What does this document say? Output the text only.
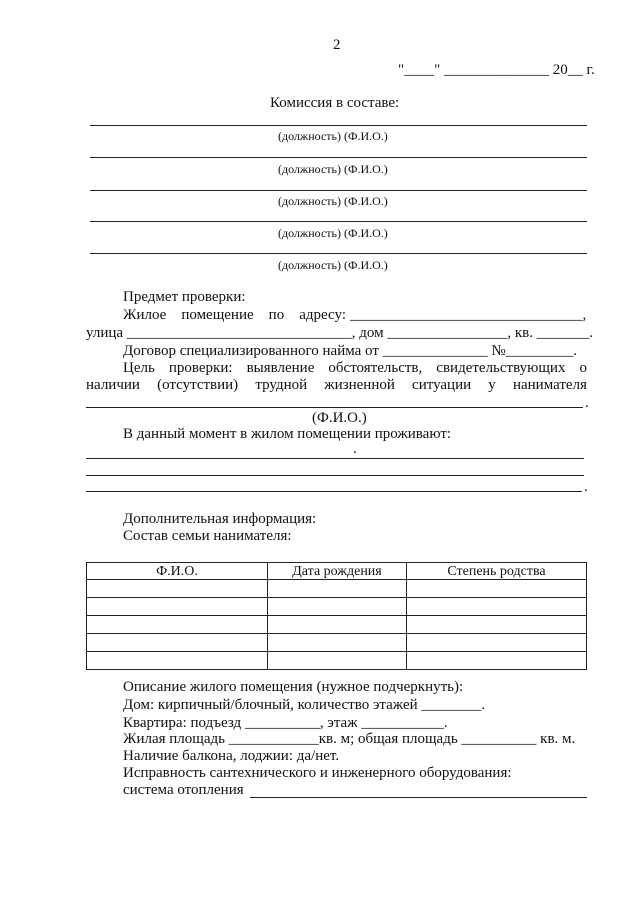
2
"____" ______________ 20__ г.
Комиссия в составе:
(должность) (Ф.И.О.)
(должность) (Ф.И.О.)
(должность) (Ф.И.О.)
(должность) (Ф.И.О.)
(должность) (Ф.И.О.)
Предмет проверки:
Жилое помещение по адресу: _______________________________,
улица ______________________________, дом ________________, кв. _______.
Договор специализированного найма от ______________ №_________.
Цель проверки: выявление обстоятельств, свидетельствующих о
наличии (отсутствии) трудной жизненной ситуации у нанимателя
.
(Ф.И.О.)
В данный момент в жилом помещении проживают:
.
.
Дополнительная информация:
Состав семьи нанимателя:
Ф.И.О.	Дата рождения	Степень родства

Описание жилого помещения (нужное подчеркнуть):
Дом: кирпичный/блочный, количество этажей ________.
Квартира: подъезд __________, этаж ___________.
Жилая площадь ____________кв. м; общая площадь __________ кв. м.
Наличие балкона, лоджии: да/нет.
Исправность сантехнического и инженерного оборудования:
система отопления
